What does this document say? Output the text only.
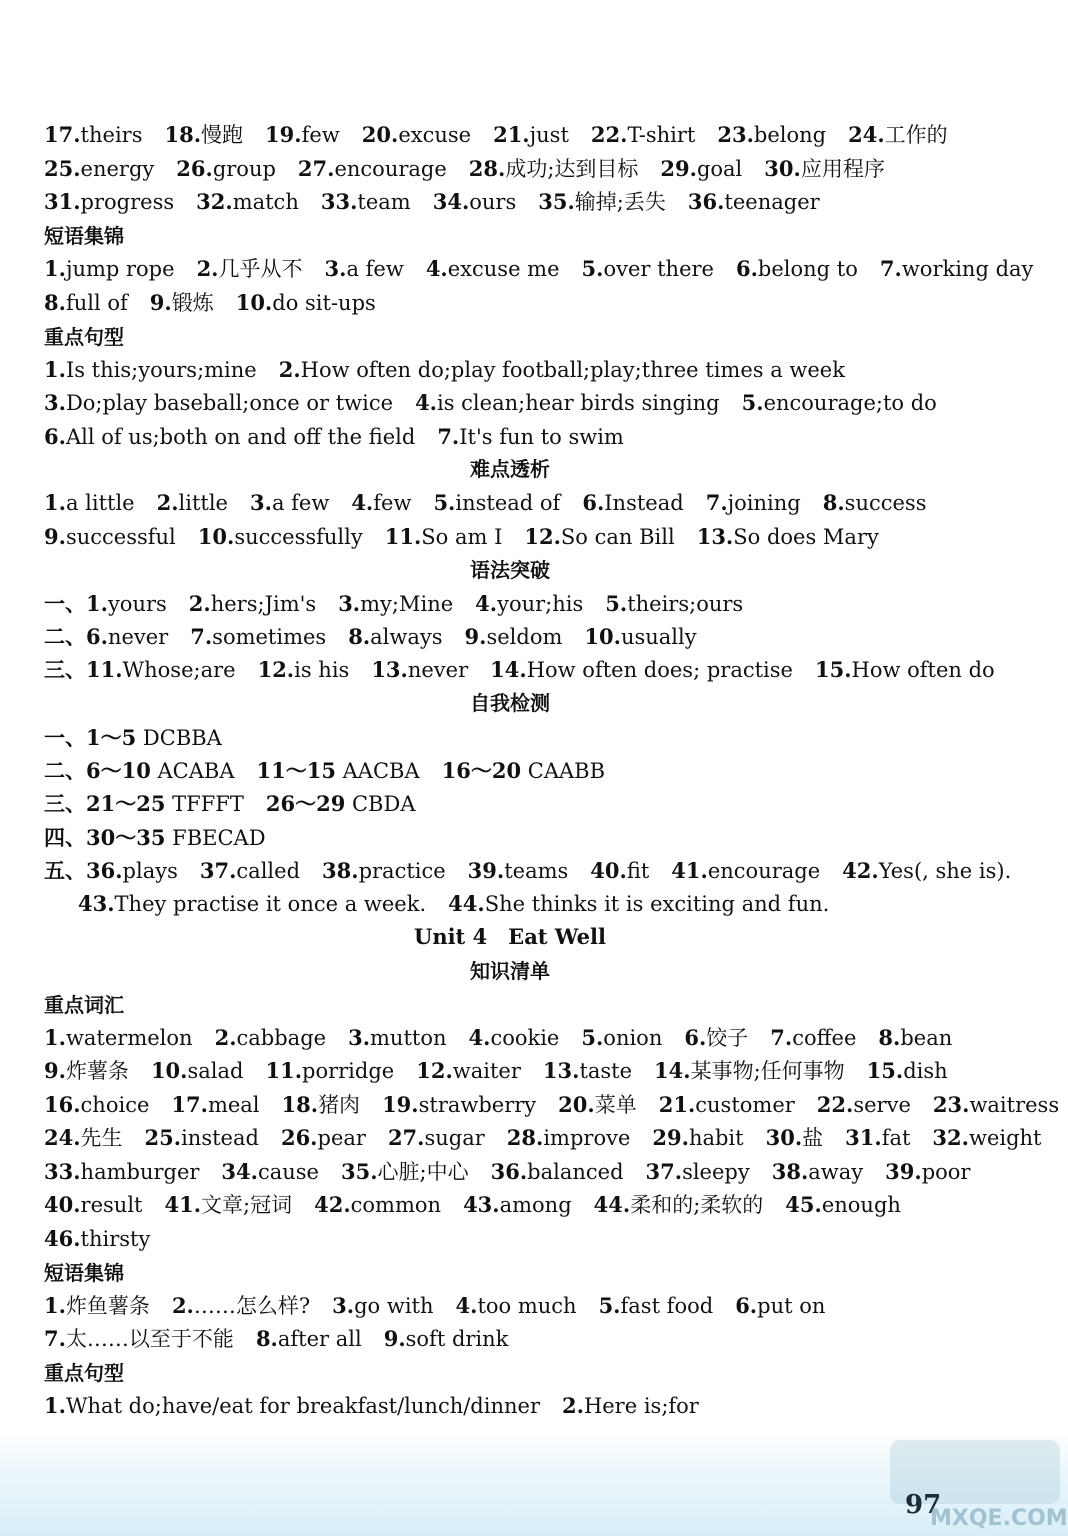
17.theirs 18.慢跑 19.few 20.excuse 21.just 22.T-shirt 23.belong 24.工作的
25.energy 26.group 27.encourage 28.成功;达到目标 29.goal 30.应用程序
31.progress 32.match 33.team 34.ours 35.输掉;丢失 36.teenager
短语集锦
1.jump rope 2.几乎从不 3.a few 4.excuse me 5.over there 6.belong to 7.working day
8.full of 9.锻炼 10.do sit-ups
重点句型
1.Is this;yours;mine 2.How often do;play football;play;three times a week
3.Do;play baseball;once or twice 4.is clean;hear birds singing 5.encourage;to do
6.All of us;both on and off the field 7.It's fun to swim
难点透析
1.a little 2.little 3.a few 4.few 5.instead of 6.Instead 7.joining 8.success
9.successful 10.successfully 11.So am I 12.So can Bill 13.So does Mary
语法突破
一、1.yours 2.hers;Jim's 3.my;Mine 4.your;his 5.theirs;ours
二、6.never 7.sometimes 8.always 9.seldom 10.usually
三、11.Whose;are 12.is his 13.never 14.How often does; practise 15.How often do
自我检测
一、1～5 DCBBA
二、6～10 ACABA 11～15 AACBA 16～20 CAABB
三、21～25 TFFFT 26～29 CBDA
四、30～35 FBECAD
五、36.plays 37.called 38.practice 39.teams 40.fit 41.encourage 42.Yes(, she is).
43.They practise it once a week. 44.She thinks it is exciting and fun.
Unit 4　Eat Well
知识清单
重点词汇
1.watermelon 2.cabbage 3.mutton 4.cookie 5.onion 6.饺子 7.coffee 8.bean
9.炸薯条 10.salad 11.porridge 12.waiter 13.taste 14.某事物;任何事物 15.dish
16.choice 17.meal 18.猪肉 19.strawberry 20.菜单 21.customer 22.serve 23.waitress
24.先生 25.instead 26.pear 27.sugar 28.improve 29.habit 30.盐 31.fat 32.weight
33.hamburger 34.cause 35.心脏;中心 36.balanced 37.sleepy 38.away 39.poor
40.result 41.文章;冠词 42.common 43.among 44.柔和的;柔软的 45.enough
46.thirsty
短语集锦
1.炸鱼薯条 2.……怎么样? 3.go with 4.too much 5.fast food 6.put on
7.太……以至于不能 8.after all 9.soft drink
重点句型
1.What do;have/eat for breakfast/lunch/dinner 2.Here is;for
97
MXQE.COM
